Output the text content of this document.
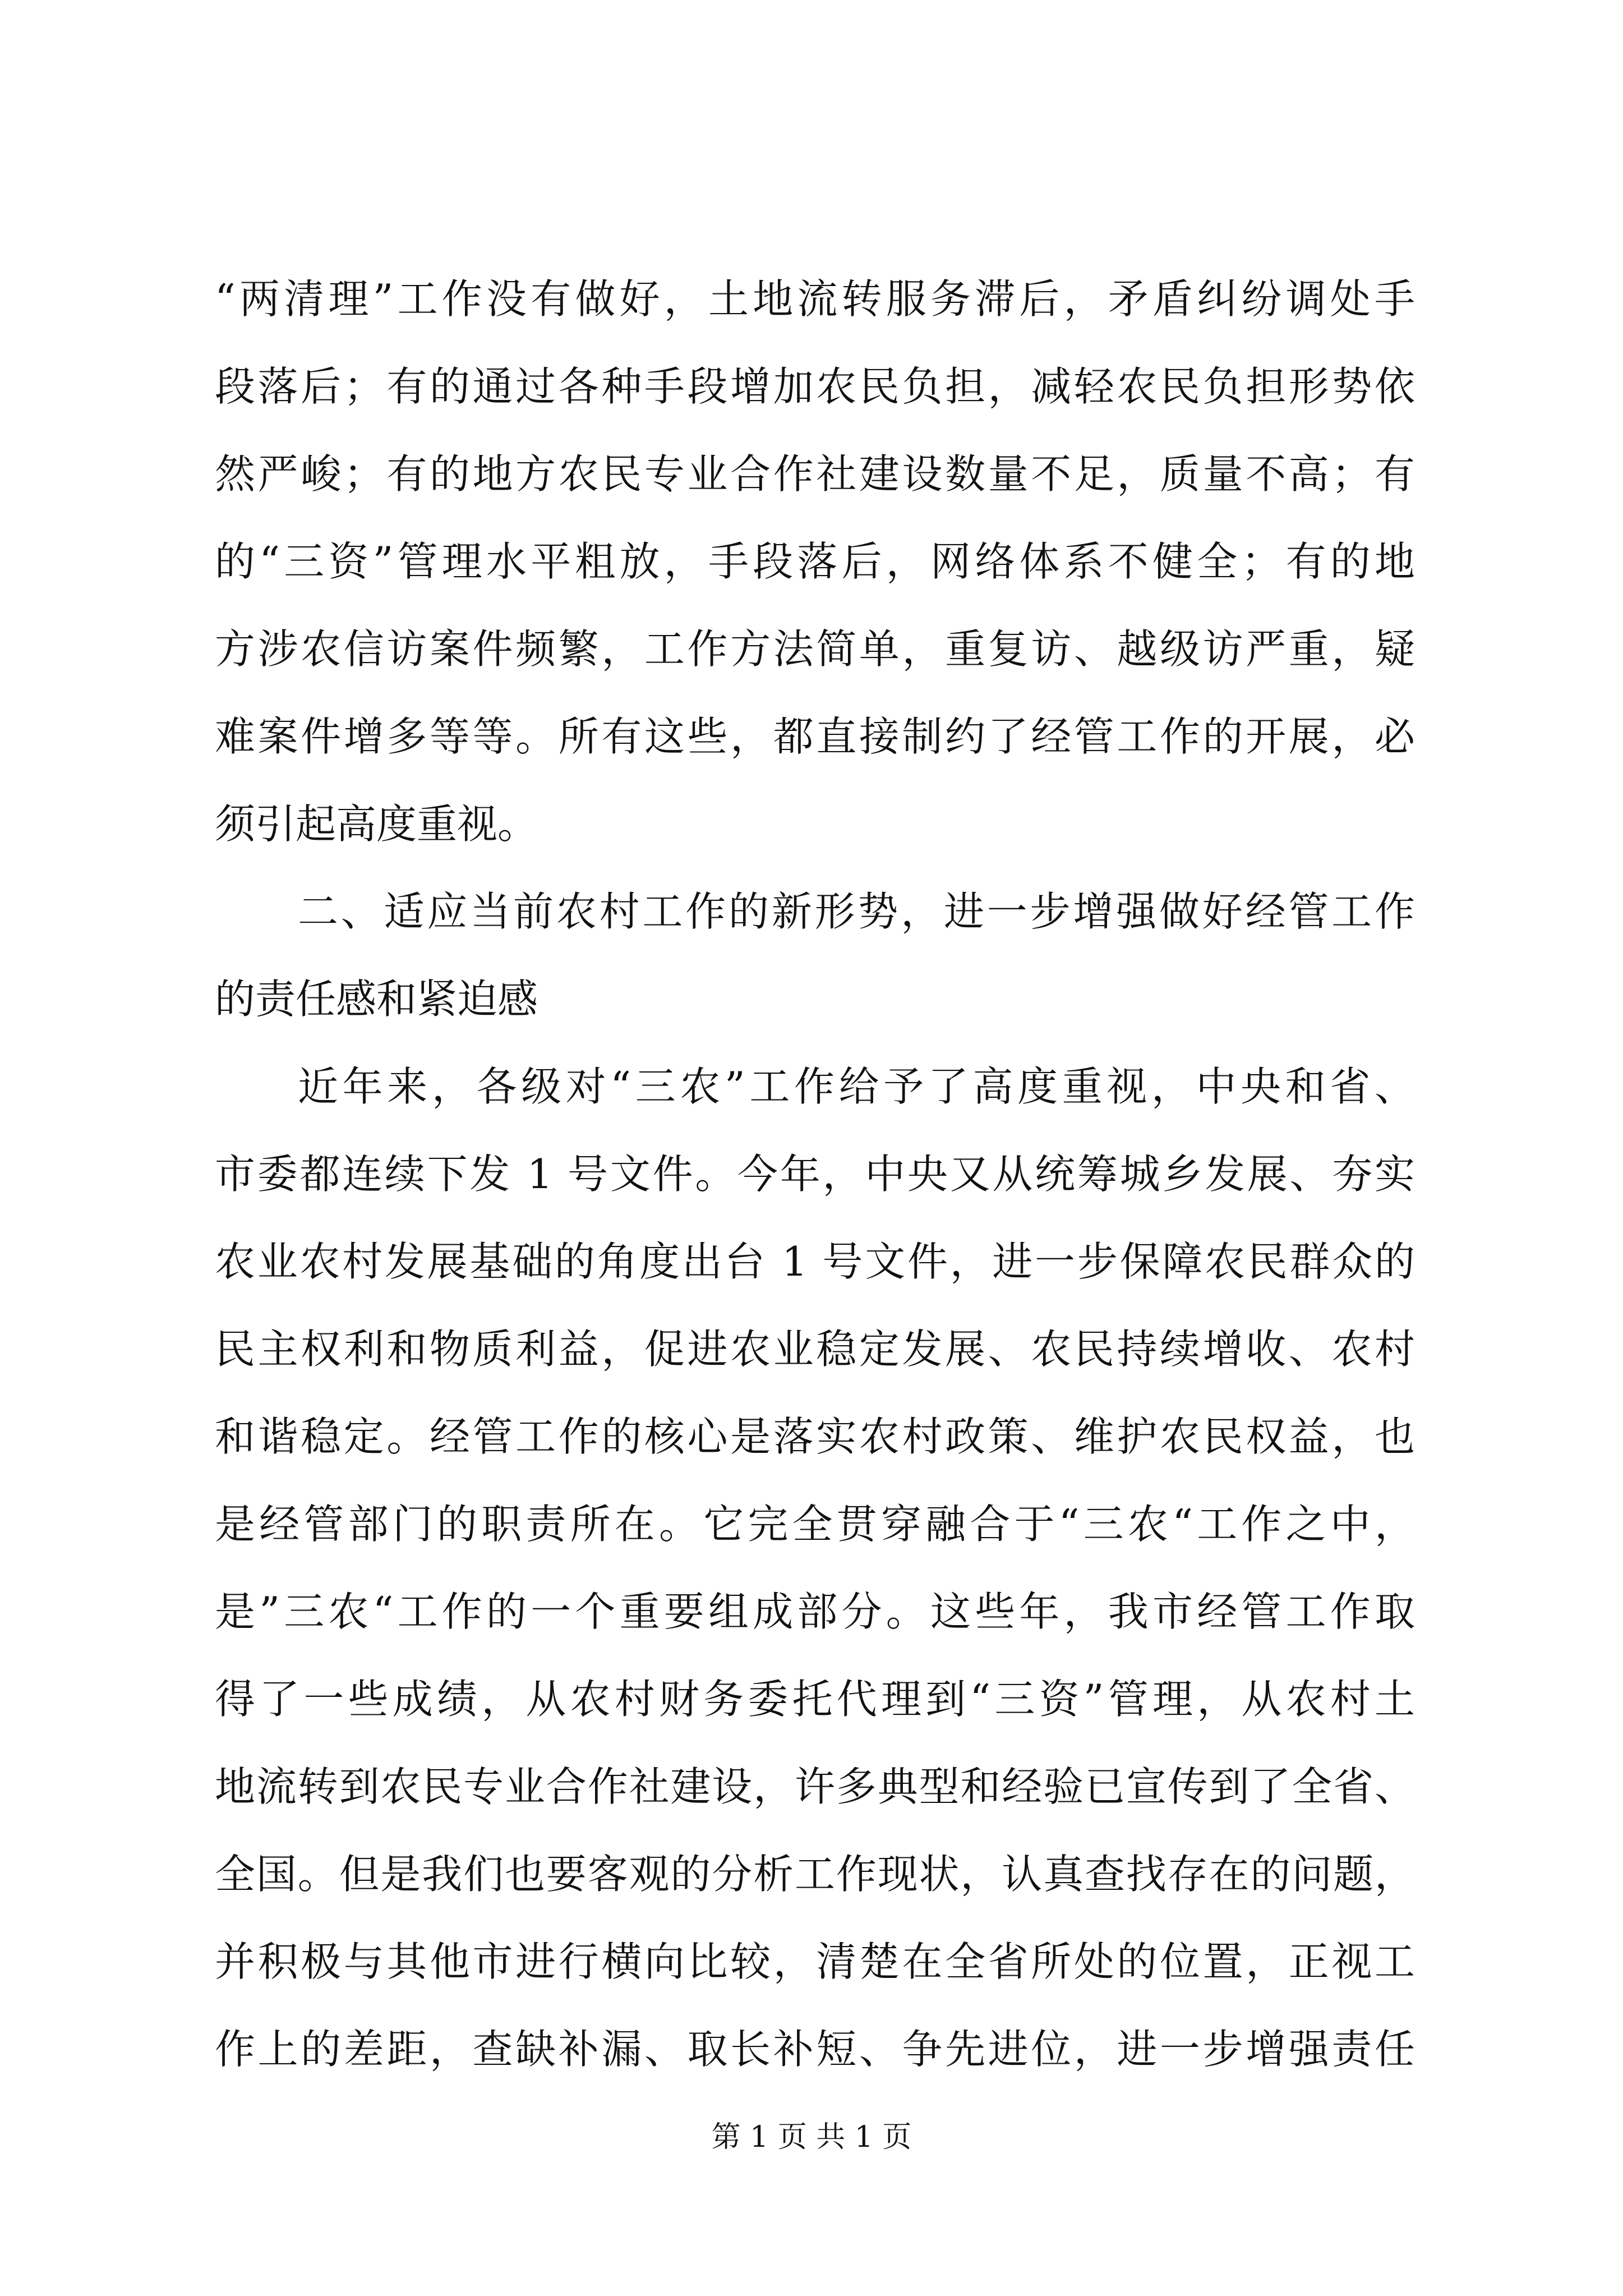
“两清理”工作没有做好，土地流转服务滞后，矛盾纠纷调处手
段落后；有的通过各种手段增加农民负担，减轻农民负担形势依
然严峻；有的地方农民专业合作社建设数量不足，质量不高；有
的“三资”管理水平粗放，手段落后，网络体系不健全；有的地
方涉农信访案件频繁，工作方法简单，重复访、越级访严重，疑
难案件增多等等。所有这些，都直接制约了经管工作的开展，必
须引起高度重视。
二、适应当前农村工作的新形势，进一步增强做好经管工作
的责任感和紧迫感
近年来，各级对“三农”工作给予了高度重视，中央和省、
市委都连续下发 1 号文件。今年，中央又从统筹城乡发展、夯实
农业农村发展基础的角度出台 1 号文件，进一步保障农民群众的
民主权利和物质利益，促进农业稳定发展、农民持续增收、农村
和谐稳定。经管工作的核心是落实农村政策、维护农民权益，也
是经管部门的职责所在。它完全贯穿融合于“三农“工作之中，
是”三农“工作的一个重要组成部分。这些年，我市经管工作取
得了一些成绩，从农村财务委托代理到“三资”管理，从农村土
地流转到农民专业合作社建设，许多典型和经验已宣传到了全省、
全国。但是我们也要客观的分析工作现状，认真查找存在的问题，
并积极与其他市进行横向比较，清楚在全省所处的位置，正视工
作上的差距，查缺补漏、取长补短、争先进位，进一步增强责任
第 1 页 共 1 页
